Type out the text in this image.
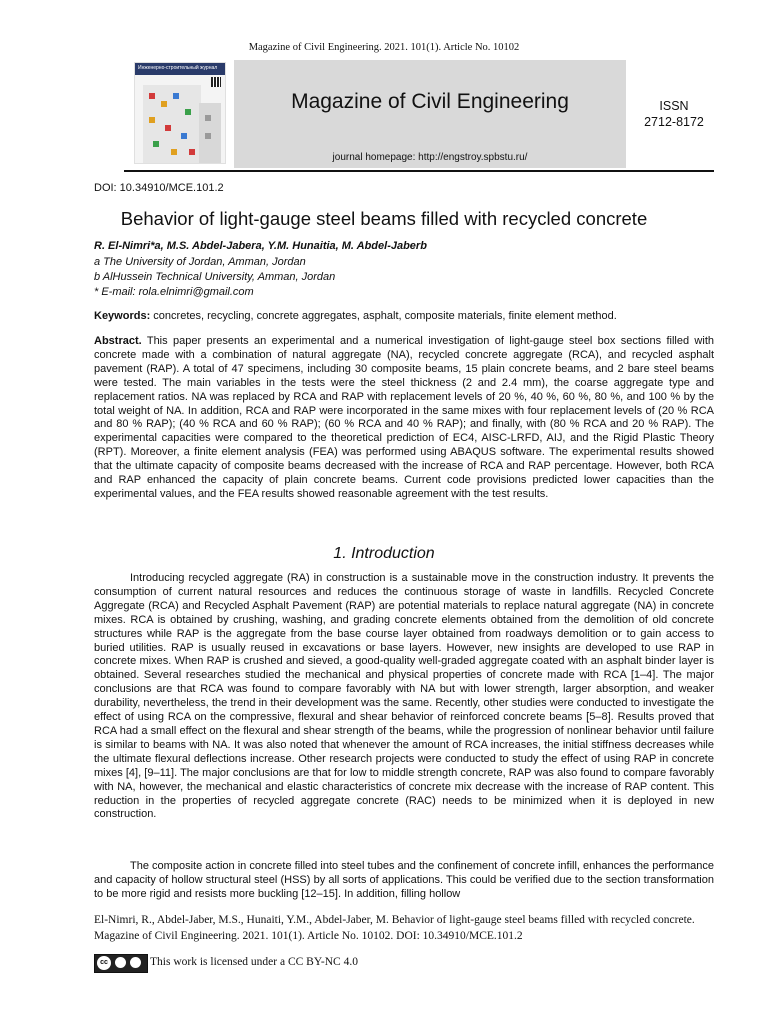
Magazine of Civil Engineering. 2021. 101(1). Article No. 10102
Инженерно-строительный журнал
Magazine of Civil Engineering
journal homepage: http://engstroy.spbstu.ru/
ISSN
2712-8172
DOI: 10.34910/MCE.101.2
Behavior of light-gauge steel beams filled with recycled concrete
R. El-Nimri*a, M.S. Abdel-Jabera, Y.M. Hunaitia, M. Abdel-Jaberb
a The University of Jordan, Amman, Jordan
b AlHussein Technical University, Amman, Jordan
* E-mail: rola.elnimri@gmail.com
Keywords: concretes, recycling, concrete aggregates, asphalt, composite materials, finite element method.

Abstract. This paper presents an experimental and a numerical investigation of light-gauge steel box sections filled with concrete made with a combination of natural aggregate (NA), recycled concrete aggregate (RCA), and recycled asphalt pavement (RAP). A total of 47 specimens, including 30 composite beams, 15 plain concrete beams, and 2 bare steel beams were tested. The main variables in the tests were the steel thickness (2 and 2.4 mm), the coarse aggregate type and replacement ratios. NA was replaced by RCA and RAP with replacement levels of 20 %, 40 %, 60 %, 80 %, and 100 % by the total weight of NA. In addition, RCA and RAP were incorporated in the same mixes with four replacement levels of (20 % RCA and 80 % RAP); (40 % RCA and 60 % RAP); (60 % RCA and 40 % RAP); and finally, with (80 % RCA and 20 % RAP). The experimental capacities were compared to the theoretical prediction of EC4, AISC-LRFD, AIJ, and the Rigid Plastic Theory (RPT). Moreover, a finite element analysis (FEA) was performed using ABAQUS software. The experimental results showed that the ultimate capacity of composite beams decreased with the increase of RCA and RAP percentage. However, both RCA and RAP enhanced the capacity of plain concrete beams. Current code provisions predicted lower capacities than the experimental values, and the FEA results showed reasonable agreement with the test results.

1. Introduction

Introducing recycled aggregate (RA) in construction is a sustainable move in the construction industry. It prevents the consumption of current natural resources and reduces the continuous storage of waste in landfills. Recycled Concrete Aggregate (RCA) and Recycled Asphalt Pavement (RAP) are potential materials to replace natural aggregate (NA) in concrete mixes. RCA is obtained by crushing, washing, and grading concrete elements obtained from the demolition of old concrete structures while RAP is the aggregate from the base course layer obtained from roadways demolition or to gain access to buried utilities. RAP is usually reused in excavations or base layers. However, new insights are developed to use RAP in concrete mixes. When RAP is crushed and sieved, a good-quality well-graded aggregate coated with an asphalt binder layer is obtained. Several researches studied the mechanical and physical properties of concrete made with RCA [1–4]. The major conclusions are that RCA was found to compare favorably with NA but with lower strength, larger absorption, and weaker durability, nevertheless, the trend in their development was the same. Recently, other studies were conducted to investigate the effect of using RCA on the compressive, flexural and shear behavior of reinforced concrete beams [5–8]. Results proved that RCA had a small effect on the flexural and shear strength of the beams, while the progression of nonlinear behavior until failure is similar to beams with NA. It was also noted that whenever the amount of RCA increases, the initial stiffness decreases while the ultimate flexural deflections increase. Other research projects were conducted to study the effect of using RAP in concrete mixes [4], [9–11]. The major conclusions are that for low to middle strength concrete, RAP was also found to compare favorably with NA, however, the mechanical and elastic characteristics of concrete mix decrease with the increase of RAP content. This reduction in the properties of recycled aggregate concrete (RAC) needs to be minimized when it is deployed in new construction.

The composite action in concrete filled into steel tubes and the confinement of concrete infill, enhances the performance and capacity of hollow structural steel (HSS) by all sorts of applications. This could be verified due to the section transformation to be more rigid and resists more buckling [12–15]. In addition, filling hollow

El-Nimri, R., Abdel-Jaber, M.S., Hunaiti, Y.M., Abdel-Jaber, M. Behavior of light-gauge steel beams filled with recycled concrete. Magazine of Civil Engineering. 2021. 101(1). Article No. 10102. DOI: 10.34910/MCE.101.2
cc	This work is licensed under a CC BY-NC 4.0
